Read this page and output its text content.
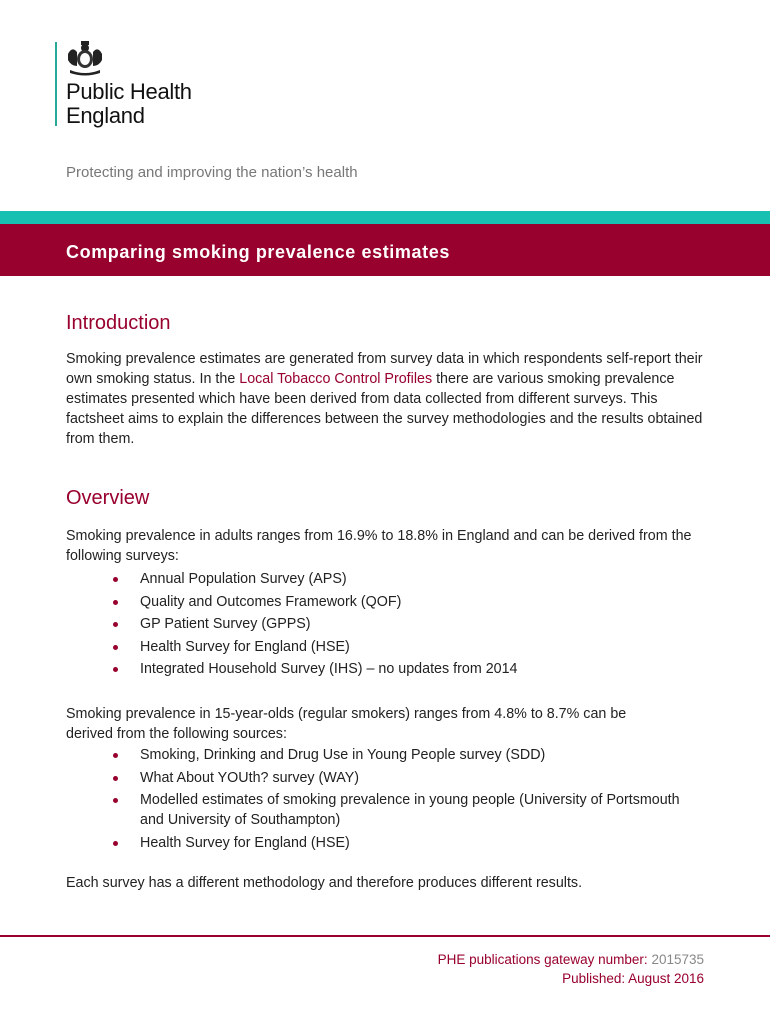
Public Health
England
Protecting and improving the nation’s health
Comparing smoking prevalence estimates
Introduction

Smoking prevalence estimates are generated from survey data in which respondents self-report their own smoking status. In the Local Tobacco Control Profiles there are various smoking prevalence estimates presented which have been derived from data collected from different surveys. This factsheet aims to explain the differences between the survey methodologies and the results obtained from them.

Overview

Smoking prevalence in adults ranges from 16.9% to 18.8% in England and can be derived from the following surveys:

Annual Population Survey (APS)
Quality and Outcomes Framework (QOF)
GP Patient Survey (GPPS)
Health Survey for England (HSE)
Integrated Household Survey (IHS) – no updates from 2014

Smoking prevalence in 15-year-olds (regular smokers) ranges from 4.8% to 8.7% can be derived from the following sources:

Smoking, Drinking and Drug Use in Young People survey (SDD)
What About YOUth? survey (WAY)
Modelled estimates of smoking prevalence in young people (University of Portsmouth and University of Southampton)
Health Survey for England (HSE)

Each survey has a different methodology and therefore produces different results.

PHE publications gateway number: 2015735
Published: August 2016
